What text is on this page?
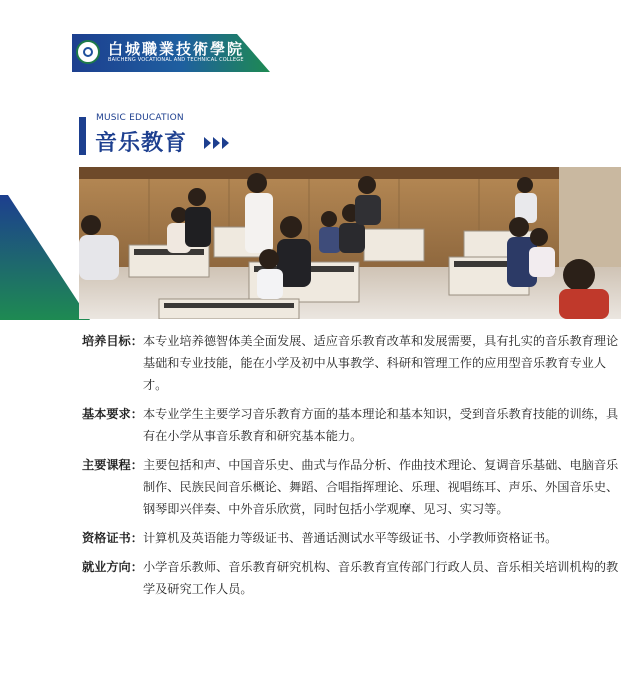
白城職業技術學院
BAICHENG VOCATIONAL AND TECHNICAL COLLEGE
MUSIC EDUCATION
音乐教育
培养目标： 本专业培养德智体美全面发展、适应音乐教育改革和发展需要，具有扎实的音乐教育理论基础和专业技能，能在小学及初中从事教学、科研和管理工作的应用型音乐教育专业人才。
基本要求： 本专业学生主要学习音乐教育方面的基本理论和基本知识，受到音乐教育技能的训练，具有在小学从事音乐教育和研究基本能力。
主要课程： 主要包括和声、中国音乐史、曲式与作品分析、作曲技术理论、复调音乐基础、电脑音乐制作、民族民间音乐概论、舞蹈、合唱指挥理论、乐理、视唱练耳、声乐、外国音乐史、钢琴即兴伴奏、中外音乐欣赏，同时包括小学观摩、见习、实习等。
资格证书： 计算机及英语能力等级证书、普通话测试水平等级证书、小学教师资格证书。
就业方向： 小学音乐教师、音乐教育研究机构、音乐教育宣传部门行政人员、音乐相关培训机构的教学及研究工作人员。
